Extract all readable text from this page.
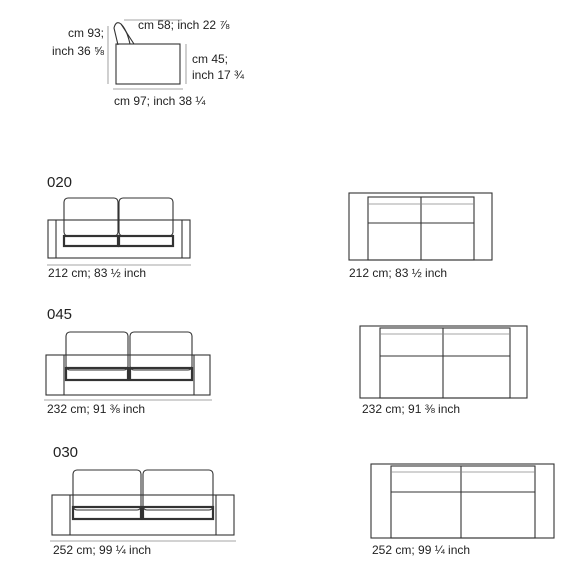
cm 93;
inch 36 ⅝
cm 58; inch 22 ⅞
cm 45;
inch 17 ¾
cm 97; inch 38 ¼
020
212 cm; 83 ½ inch	212 cm; 83 ½ inch
045
232 cm; 91 ⅜ inch	232 cm; 91 ⅜ inch
030
252 cm; 99 ¼ inch	252 cm; 99 ¼ inch
